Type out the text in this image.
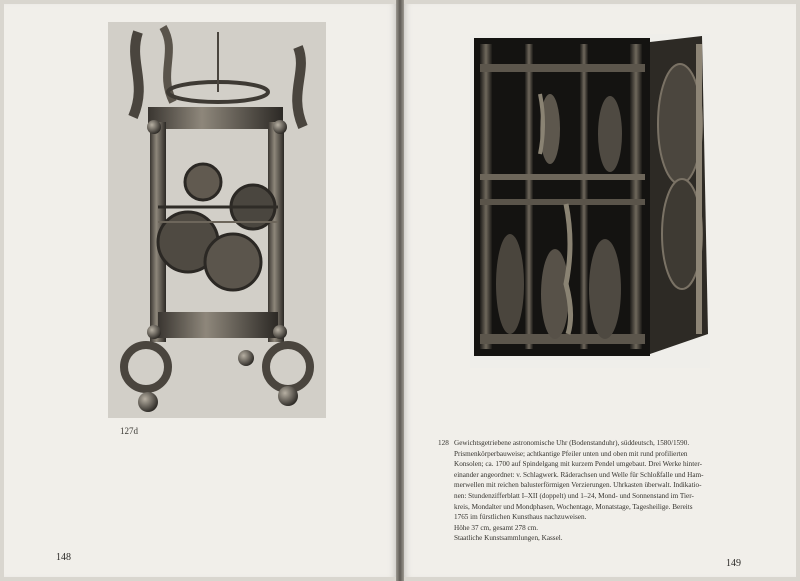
127d
148
128 Gewichtsgetriebene astronomische Uhr (Bodenstanduhr), süddeutsch, 1580/1590.
Prismenkörperbauweise; achtkantige Pfeiler unten und oben mit rund profilierten
Konsolen; ca. 1700 auf Spindelgang mit kurzem Pendel umgebaut. Drei Werke hinter-
einander angeordnet: v. Schlagwerk. Räderachsen und Welle für Schloßfalle und Ham-
merwellen mit reichen balusterförmigen Verzierungen. Uhrkasten überwalt. Indikatio-
nen: Stundenzifferblatt I–XII (doppelt) und 1–24, Mond- und Sonnenstand im Tier-
kreis, Mondalter und Mondphasen, Wochentage, Monatstage, Tagesheilige. Bereits
1765 im fürstlichen Kunsthaus nachzuweisen.
Höhe 37 cm, gesamt 278 cm.
Staatliche Kunstsammlungen, Kassel.
149
